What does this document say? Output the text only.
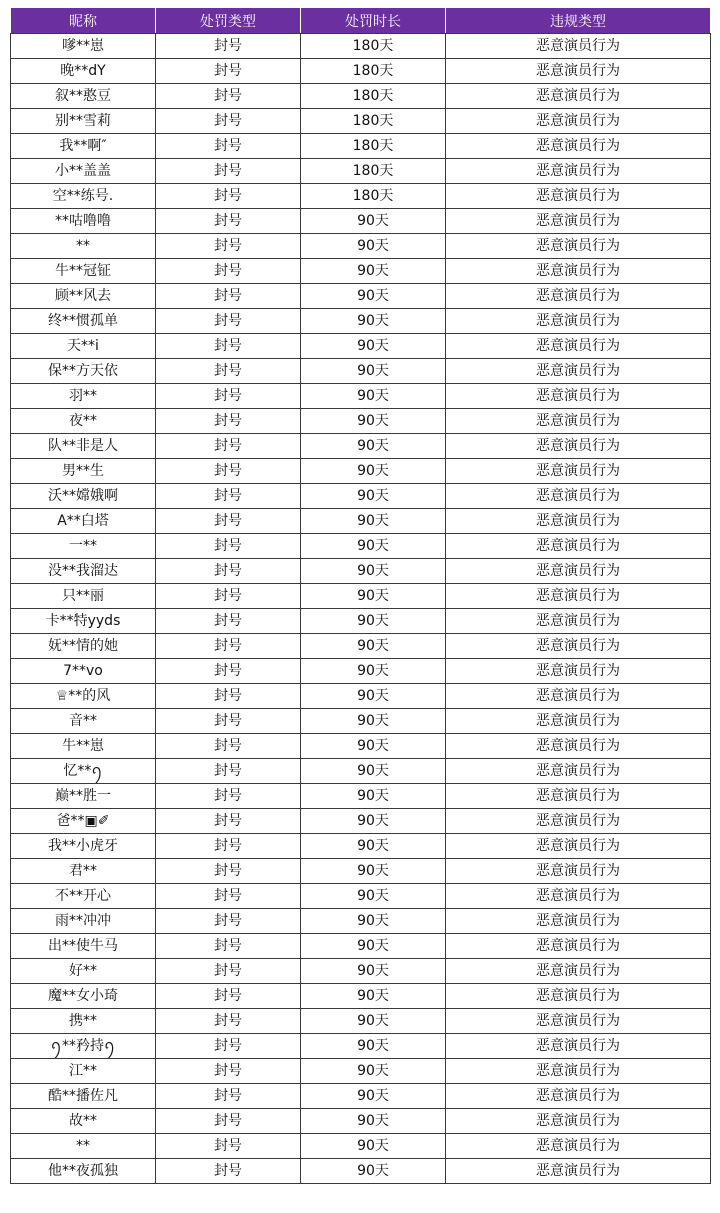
昵称	处罚类型	处罚时长	违规类型
嗲**崽	封号	180天	恶意演员行为
晚**dY	封号	180天	恶意演员行为
叙**憨豆	封号	180天	恶意演员行为
别**雪莉	封号	180天	恶意演员行为
我**啊″	封号	180天	恶意演员行为
小**盖盖	封号	180天	恶意演员行为
空**练号.	封号	180天	恶意演员行为
**咕噜噜	封号	90天	恶意演员行为
**	封号	90天	恶意演员行为
牛**冠钲	封号	90天	恶意演员行为
顾**风去	封号	90天	恶意演员行为
终**惯孤单	封号	90天	恶意演员行为
天**i	封号	90天	恶意演员行为
保**方天依	封号	90天	恶意演员行为
羽**	封号	90天	恶意演员行为
夜**	封号	90天	恶意演员行为
队**非是人	封号	90天	恶意演员行为
男**生	封号	90天	恶意演员行为
沃**嫦娥啊	封号	90天	恶意演员行为
A**白塔	封号	90天	恶意演员行为
一**	封号	90天	恶意演员行为
没**我溜达	封号	90天	恶意演员行为
只**丽	封号	90天	恶意演员行为
卡**特yyds	封号	90天	恶意演员行为
妩**情的她	封号	90天	恶意演员行为
7**vo	封号	90天	恶意演员行为
♕**的风	封号	90天	恶意演员行为
音**	封号	90天	恶意演员行为
牛**崽	封号	90天	恶意演员行为
忆**ꪆ	封号	90天	恶意演员行为
巅**胜一	封号	90天	恶意演员行为
爸**▣✐	封号	90天	恶意演员行为
我**小虎牙	封号	90天	恶意演员行为
君**	封号	90天	恶意演员行为
不**开心	封号	90天	恶意演员行为
雨**冲冲	封号	90天	恶意演员行为
出**使牛马	封号	90天	恶意演员行为
好**	封号	90天	恶意演员行为
魔**女小琦	封号	90天	恶意演员行为
携**	封号	90天	恶意演员行为
ꪆ**矜持ꪆ	封号	90天	恶意演员行为
江**	封号	90天	恶意演员行为
酷**播佐凡	封号	90天	恶意演员行为
故**	封号	90天	恶意演员行为
**	封号	90天	恶意演员行为
他**夜孤独	封号	90天	恶意演员行为
